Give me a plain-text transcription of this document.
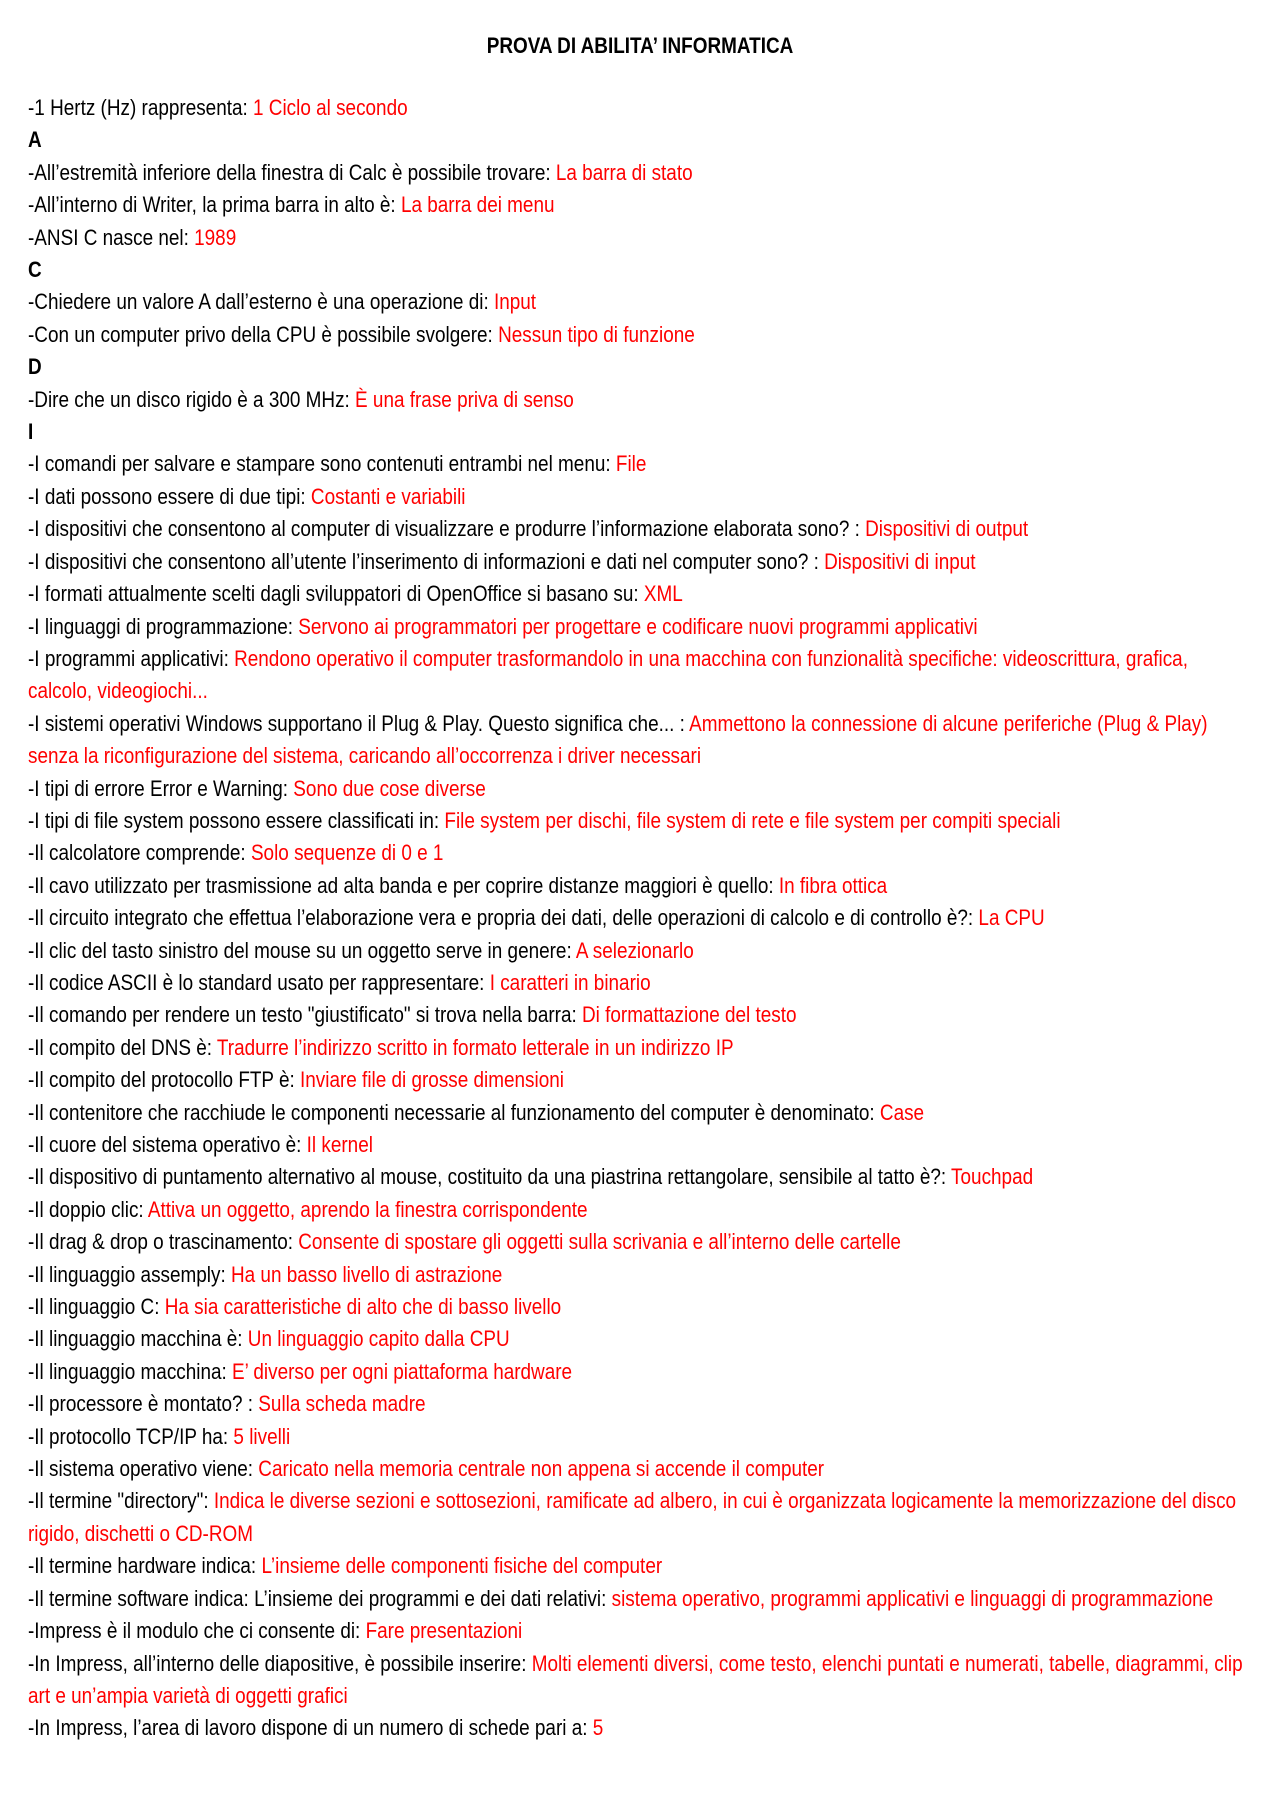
PROVA DI ABILITA’ INFORMATICA
-1 Hertz (Hz) rappresenta: 1 Ciclo al secondo
A
-All’estremità inferiore della finestra di Calc è possibile trovare: La barra di stato
-All’interno di Writer, la prima barra in alto è: La barra dei menu
-ANSI C nasce nel: 1989
C
-Chiedere un valore A dall’esterno è una operazione di: Input
-Con un computer privo della CPU è possibile svolgere: Nessun tipo di funzione
D
-Dire che un disco rigido è a 300 MHz: È una frase priva di senso
I
-I comandi per salvare e stampare sono contenuti entrambi nel menu: File
-I dati possono essere di due tipi: Costanti e variabili
-I dispositivi che consentono al computer di visualizzare e produrre l’informazione elaborata sono? : Dispositivi di output
-I dispositivi che consentono all’utente l’inserimento di informazioni e dati nel computer sono? : Dispositivi di input
-I formati attualmente scelti dagli sviluppatori di OpenOffice si basano su: XML
-I linguaggi di programmazione: Servono ai programmatori per progettare e codificare nuovi programmi applicativi
-I programmi applicativi: Rendono operativo il computer trasformandolo in una macchina con funzionalità specifiche: videoscrittura, grafica, calcolo, videogiochi...
-I sistemi operativi Windows supportano il Plug & Play. Questo significa che... : Ammettono la connessione di alcune periferiche (Plug & Play) senza la riconfigurazione del sistema, caricando all’occorrenza i driver necessari
-I tipi di errore Error e Warning: Sono due cose diverse
-I tipi di file system possono essere classificati in: File system per dischi, file system di rete e file system per compiti speciali
-Il calcolatore comprende: Solo sequenze di 0 e 1
-Il cavo utilizzato per trasmissione ad alta banda e per coprire distanze maggiori è quello: In fibra ottica
-Il circuito integrato che effettua l’elaborazione vera e propria dei dati, delle operazioni di calcolo e di controllo è?: La CPU
-Il clic del tasto sinistro del mouse su un oggetto serve in genere: A selezionarlo
-Il codice ASCII è lo standard usato per rappresentare: I caratteri in binario
-Il comando per rendere un testo "giustificato" si trova nella barra: Di formattazione del testo
-Il compito del DNS è: Tradurre l’indirizzo scritto in formato letterale in un indirizzo IP
-Il compito del protocollo FTP è: Inviare file di grosse dimensioni
-Il contenitore che racchiude le componenti necessarie al funzionamento del computer è denominato: Case
-Il cuore del sistema operativo è: Il kernel
-Il dispositivo di puntamento alternativo al mouse, costituito da una piastrina rettangolare, sensibile al tatto è?: Touchpad
-Il doppio clic: Attiva un oggetto, aprendo la finestra corrispondente
-Il drag & drop o trascinamento: Consente di spostare gli oggetti sulla scrivania e all’interno delle cartelle
-Il linguaggio assemply: Ha un basso livello di astrazione
-Il linguaggio C: Ha sia caratteristiche di alto che di basso livello
-Il linguaggio macchina è: Un linguaggio capito dalla CPU
-Il linguaggio macchina: E’ diverso per ogni piattaforma hardware
-Il processore è montato? : Sulla scheda madre
-Il protocollo TCP/IP ha: 5 livelli
-Il sistema operativo viene: Caricato nella memoria centrale non appena si accende il computer
-Il termine "directory": Indica le diverse sezioni e sottosezioni, ramificate ad albero, in cui è organizzata logicamente la memorizzazione del disco rigido, dischetti o CD-ROM
-Il termine hardware indica: L’insieme delle componenti fisiche del computer
-Il termine software indica: L’insieme dei programmi e dei dati relativi: sistema operativo, programmi applicativi e linguaggi di programmazione
-Impress è il modulo che ci consente di: Fare presentazioni
-In Impress, all’interno delle diapositive, è possibile inserire: Molti elementi diversi, come testo, elenchi puntati e numerati, tabelle, diagrammi, clip art e un’ampia varietà di oggetti grafici
-In Impress, l’area di lavoro dispone di un numero di schede pari a: 5
